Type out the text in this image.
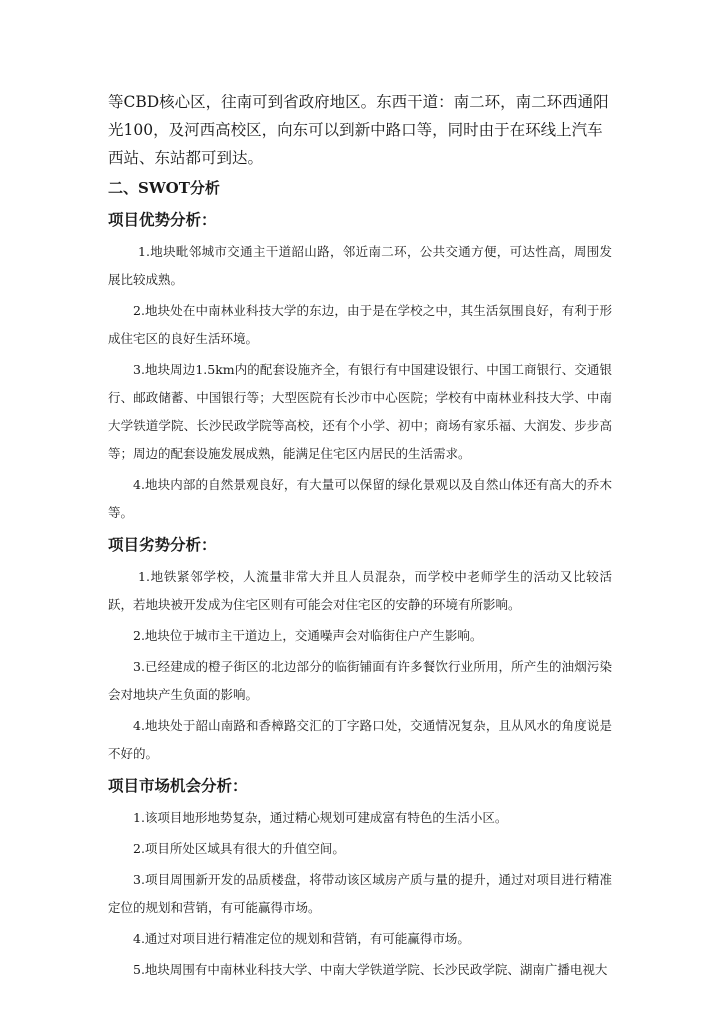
等CBD核心区，往南可到省政府地区。东西干道：南二环，南二环西通阳光100，及河西高校区，向东可以到新中路口等，同时由于在环线上汽车西站、东站都可到达。

二、SWOT分析

项目优势分析：

1.地块毗邻城市交通主干道韶山路，邻近南二环，公共交通方便，可达性高，周围发展比较成熟。

2.地块处在中南林业科技大学的东边，由于是在学校之中，其生活氛围良好，有利于形成住宅区的良好生活环境。

3.地块周边1.5km内的配套设施齐全，有银行有中国建设银行、中国工商银行、交通银行、邮政储蓄、中国银行等；大型医院有长沙市中心医院；学校有中南林业科技大学、中南大学铁道学院、长沙民政学院等高校，还有个小学、初中；商场有家乐福、大润发、步步高等；周边的配套设施发展成熟，能满足住宅区内居民的生活需求。

4.地块内部的自然景观良好，有大量可以保留的绿化景观以及自然山体还有高大的乔木等。

项目劣势分析：

1.地铁紧邻学校，人流量非常大并且人员混杂，而学校中老师学生的活动又比较活跃，若地块被开发成为住宅区则有可能会对住宅区的安静的环境有所影响。

2.地块位于城市主干道边上，交通噪声会对临街住户产生影响。

3.已经建成的橙子街区的北边部分的临街铺面有许多餐饮行业所用，所产生的油烟污染会对地块产生负面的影响。

4.地块处于韶山南路和香樟路交汇的丁字路口处，交通情况复杂，且从风水的角度说是不好的。

项目市场机会分析：

1.该项目地形地势复杂，通过精心规划可建成富有特色的生活小区。

2.项目所处区域具有很大的升值空间。

3.项目周围新开发的品质楼盘，将带动该区域房产质与量的提升，通过对项目进行精准定位的规划和营销，有可能赢得市场。

4.通过对项目进行精准定位的规划和营销，有可能赢得市场。

5.地块周围有中南林业科技大学、中南大学铁道学院、长沙民政学院、湖南广播电视大
